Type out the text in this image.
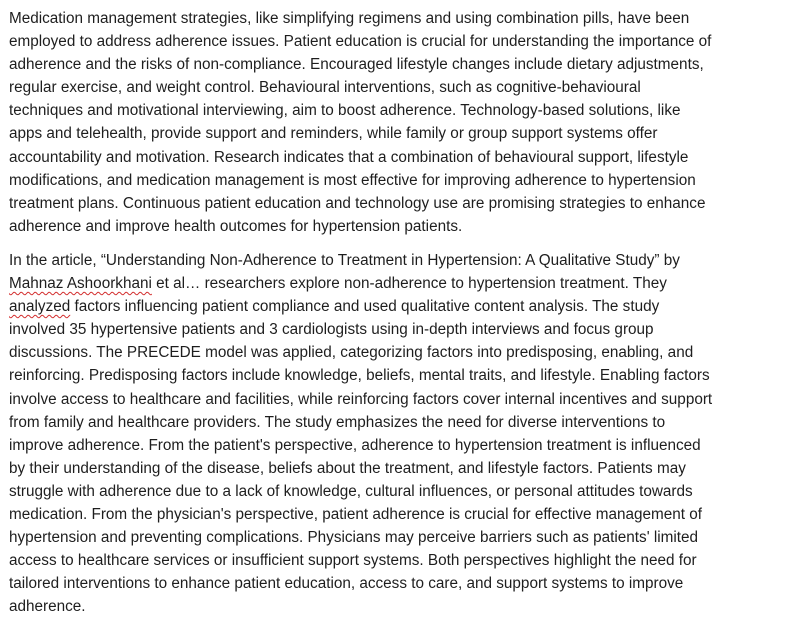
Medication management strategies, like simplifying regimens and using combination pills, have been
employed to address adherence issues. Patient education is crucial for understanding the importance of
adherence and the risks of non-compliance. Encouraged lifestyle changes include dietary adjustments,
regular exercise, and weight control. Behavioural interventions, such as cognitive-behavioural
techniques and motivational interviewing, aim to boost adherence. Technology-based solutions, like
apps and telehealth, provide support and reminders, while family or group support systems offer
accountability and motivation. Research indicates that a combination of behavioural support, lifestyle
modifications, and medication management is most effective for improving adherence to hypertension
treatment plans. Continuous patient education and technology use are promising strategies to enhance
adherence and improve health outcomes for hypertension patients.

In the article, “Understanding Non-Adherence to Treatment in Hypertension: A Qualitative Study” by
Mahnaz Ashoorkhani et al… researchers explore non-adherence to hypertension treatment. They
analyzed factors influencing patient compliance and used qualitative content analysis. The study
involved 35 hypertensive patients and 3 cardiologists using in-depth interviews and focus group
discussions. The PRECEDE model was applied, categorizing factors into predisposing, enabling, and
reinforcing. Predisposing factors include knowledge, beliefs, mental traits, and lifestyle. Enabling factors
involve access to healthcare and facilities, while reinforcing factors cover internal incentives and support
from family and healthcare providers. The study emphasizes the need for diverse interventions to
improve adherence. From the patient's perspective, adherence to hypertension treatment is influenced
by their understanding of the disease, beliefs about the treatment, and lifestyle factors. Patients may
struggle with adherence due to a lack of knowledge, cultural influences, or personal attitudes towards
medication. From the physician's perspective, patient adherence is crucial for effective management of
hypertension and preventing complications. Physicians may perceive barriers such as patients' limited
access to healthcare services or insufficient support systems. Both perspectives highlight the need for
tailored interventions to enhance patient education, access to care, and support systems to improve
adherence.
